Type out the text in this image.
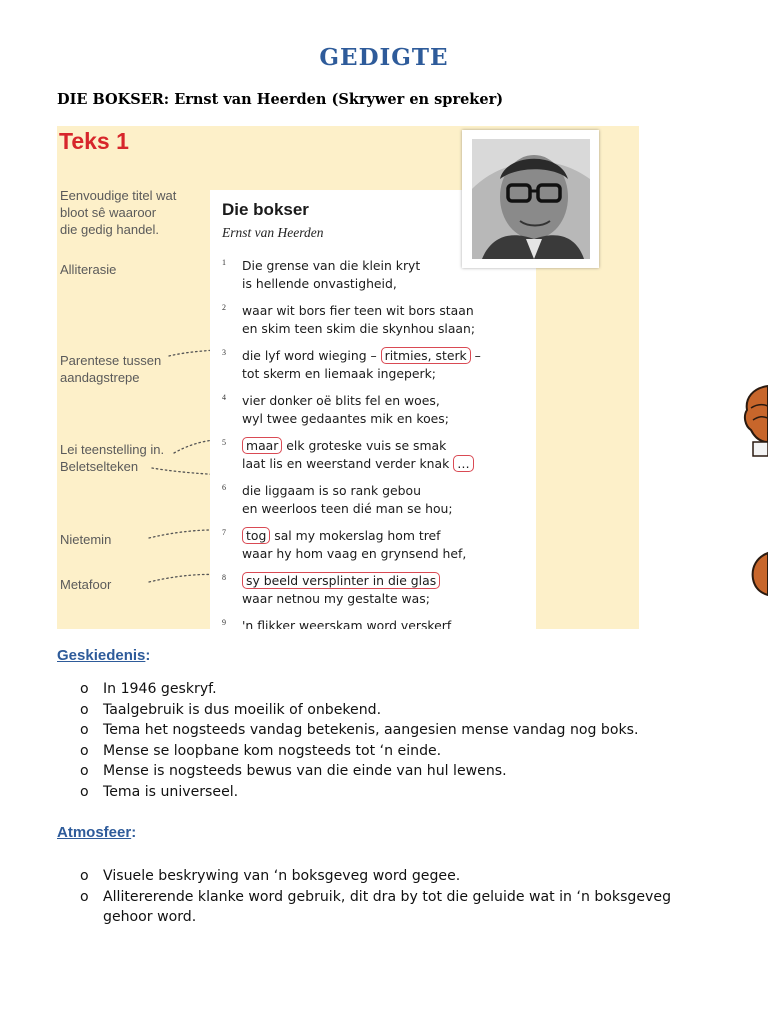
GEDIGTE
DIE BOKSER: Ernst van Heerden (Skrywer en spreker)
Teks 1
Eenvoudige titel wat
bloot sê waaroor
die gedig handel.
Alliterasie
Parentese tussen
aandagstrepe
Lei teenstelling in.
Beletselteken
Nietemin
Metafoor
Die bokser
Ernst van Heerden
1 Die grense van die klein kryt
is hellende onvastigheid,
2 waar wit bors fier teen wit bors staan
en skim teen skim die skynhou slaan;
3 die lyf word wieging – ritmies, sterk –
tot skerm en liemaak ingeperk;
4 vier donker oë blits fel en woes,
wyl twee gedaantes mik en koes;
5	maar elk groteske vuis se smak
laat lis en weerstand verder knak …
6 die liggaam is so rank gebou
en weerloos teen dié man se hou;
7	tog sal my mokerslag hom tref
waar hy hom vaag en grynsend hef,
8	sy beeld versplinter in die glas
waar netnou my gestalte was;
9 'n flikker weerskam word verskerf
Geskiedenis:
o In 1946 geskryf.
o Taalgebruik is dus moeilik of onbekend.
o Tema het nogsteeds vandag betekenis, aangesien mense vandag nog boks.
o Mense se loopbane kom nogsteeds tot ‘n einde.
o Mense is nogsteeds bewus van die einde van hul lewens.
o Tema is universeel.
Atmosfeer:
o Visuele beskrywing van ‘n boksgeveg word gegee.
o Allitererende klanke word gebruik, dit dra by tot die geluide wat in ‘n boksgeveg gehoor word.
